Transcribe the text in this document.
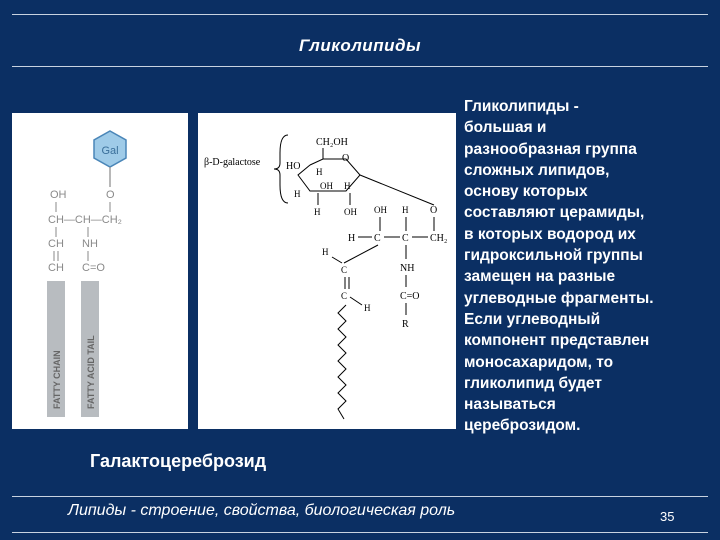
Гликолипиды
Gal
OH	O
CH—CH—CH₂
CH NH
CH C=O
FATTY CHAIN	FATTY ACID TAIL
β-D-galactose
CH₂OH
O
HO H
OH H
H
H	OH OH H O
H C C CH₂
H
C
C
H
NH
C=O
R
Гликолипиды -
большая и
разнообразная группа
сложных липидов,
основу которых
составляют церамиды,
в которых водород их
гидроксильной группы
замещен на разные
углеводные фрагменты.
Если углеводный
компонент представлен
моносахаридом, то
гликолипид будет
называться
цереброзидом.
Галактоцереброзид
Липиды - строение, свойства, биологическая роль	35
